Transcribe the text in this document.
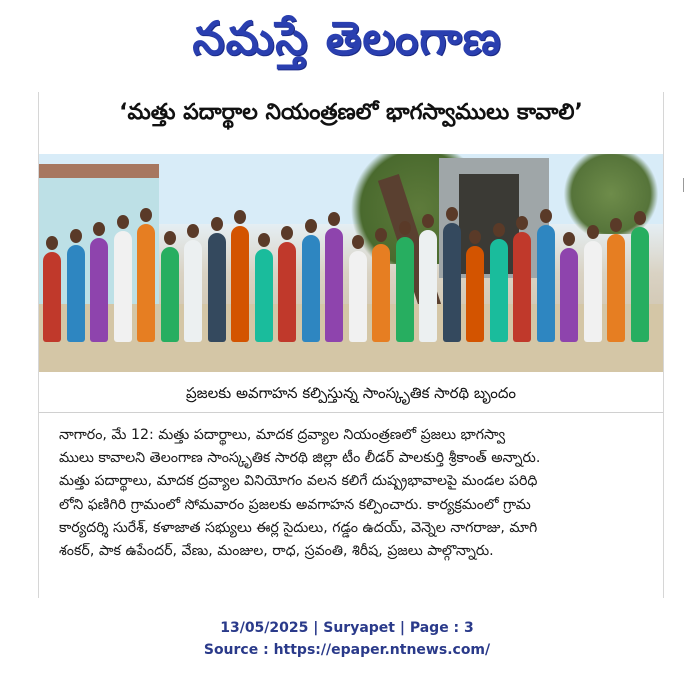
నమస్తే తెలంగాణ
‘మత్తు పదార్థాల నియంత్రణలో భాగస్వాములు కావాలి’
ప్రజలకు అవగాహన కల్పిస్తున్న సాంస్కృతిక సారథి బృందం
నాగారం, మే 12: మత్తు పదార్థాలు, మాదక ద్రవ్యాల నియంత్రణలో ప్రజలు భాగస్వా
ములు కావాలని తెలంగాణ సాంస్కృతిక సారథి జిల్లా టీం లీడర్ పాలకుర్తి శ్రీకాంత్ అన్నారు.
మత్తు పదార్థాలు, మాదక ద్రవ్యాల వినియోగం వలన కలిగే దుష్ప్రభావాలపై మండల పరిధి
లోని ఫణిగిరి గ్రామంలో సోమవారం ప్రజలకు అవగాహన కల్పించారు. కార్యక్రమంలో గ్రామ
కార్యదర్శి సురేశ్, కళాజాత సభ్యులు ఈర్ల సైదులు, గడ్డం ఉదయ్, వెన్నెల నాగరాజు, మాగి
శంకర్, పాక ఉపేందర్, వేణు, మంజుల, రాధ, స్రవంతి, శిరీష, ప్రజలు పాల్గొన్నారు.
13/05/2025 | Suryapet | Page : 3
Source : https://epaper.ntnews.com/
